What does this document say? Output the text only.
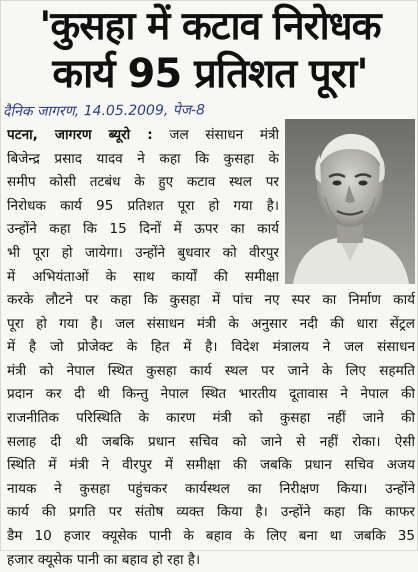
'कुसहा में कटाव निरोधक
कार्य 95 प्रतिशत पूरा'
दैनिक जागरण, 14.05.2009, पेज-8
पटना, जागरण ब्यूरो : जल संसाधन मंत्री
बिजेन्द्र प्रसाद यादव ने कहा कि कुसहा के
समीप कोसी तटबंध के हुए कटाव स्थल पर
निरोधक कार्य 95 प्रतिशत पूरा हो गया है।
उन्होंने कहा कि 15 दिनों में ऊपर का कार्य
भी पूरा हो जायेगा। उन्होंने बुधवार को वीरपुर
में अभियंताओं के साथ कार्यों की समीक्षा
करके लौटने पर कहा कि कुसहा में पांच नए स्पर का निर्माण कार्य
पूरा हो गया है। जल संसाधन मंत्री के अनुसार नदी की धारा सेंट्रल
में है जो प्रोजेक्ट के हित में है। विदेश मंत्रालय ने जल संसाधन
मंत्री को नेपाल स्थित कुसहा कार्य स्थल पर जाने के लिए सहमति
प्रदान कर दी थी किन्तु नेपाल स्थित भारतीय दूतावास ने नेपाल की
राजनीतिक परिस्थिति के कारण मंत्री को कुसहा नहीं जाने की
सलाह दी थी जबकि प्रधान सचिव को जाने से नहीं रोका। ऐसी
स्थिति में मंत्री ने वीरपुर में समीक्षा की जबकि प्रधान सचिव अजय
नायक ने कुसहा पहुंचकर कार्यस्थल का निरीक्षण किया। उन्होंने
कार्य की प्रगति पर संतोष व्यक्त किया है। उन्होंने कहा कि काफर
डैम 10 हजार क्यूसेक पानी के बहाव के लिए बना था जबकि 35
हजार क्यूसेक पानी का बहाव हो रहा है।
